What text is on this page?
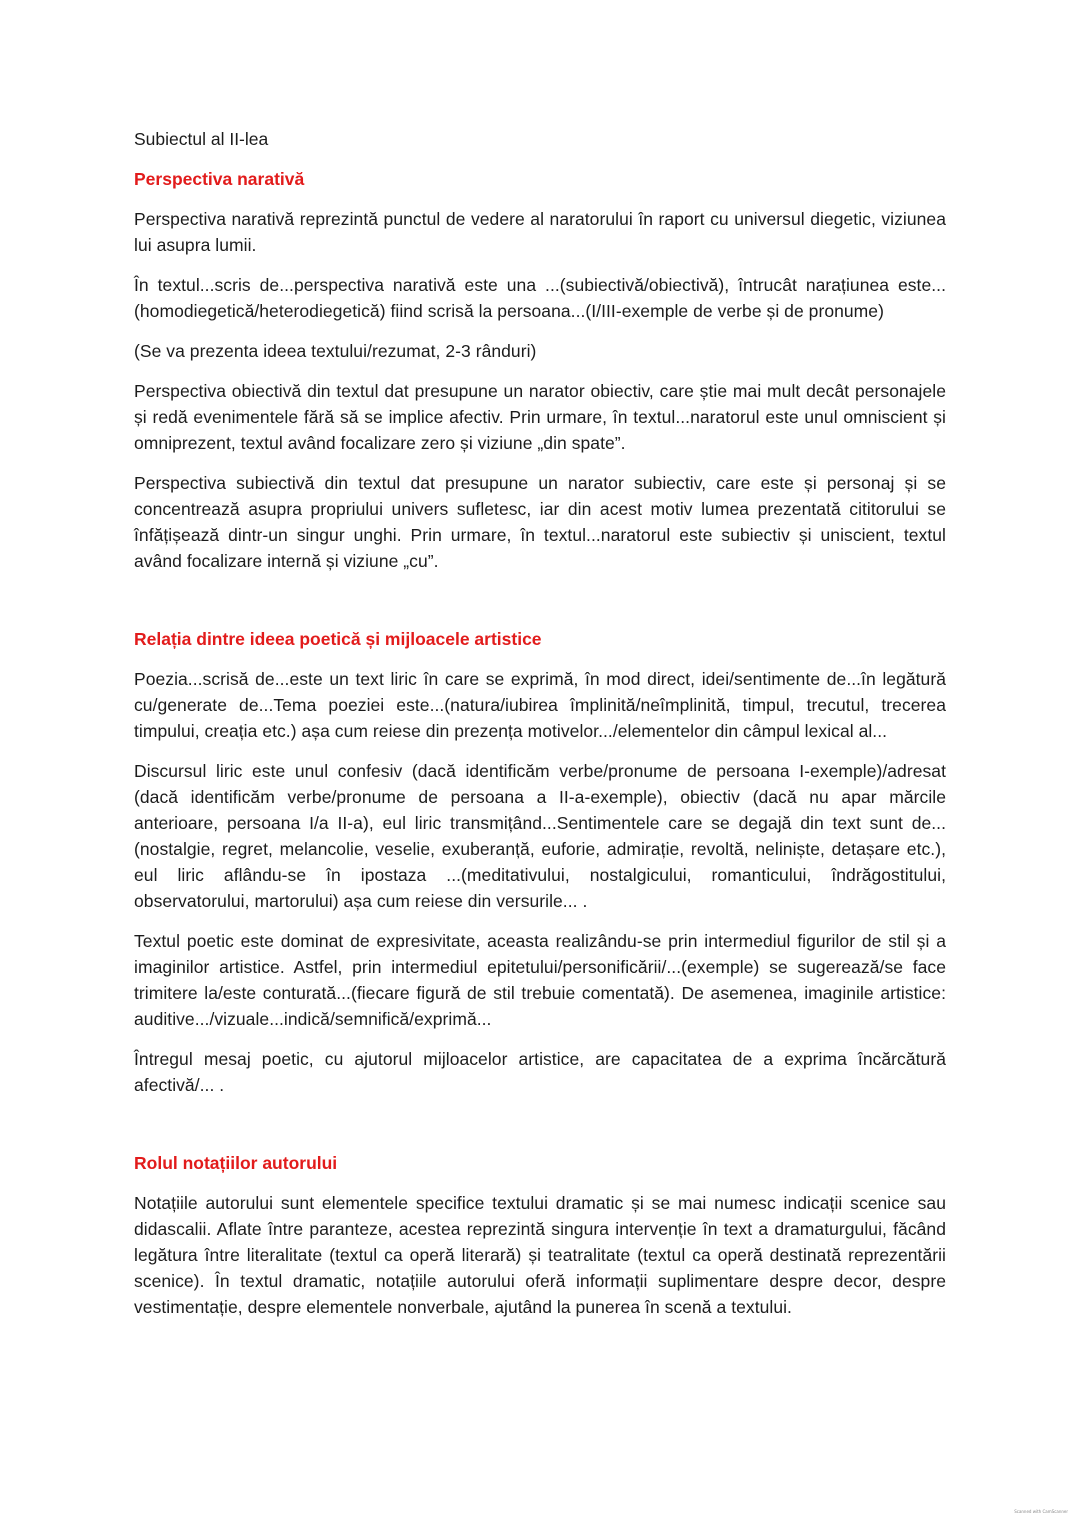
Subiectul al II-lea
Perspectiva narativă

Perspectiva narativă reprezintă punctul de vedere al naratorului în raport cu universul diegetic, viziunea lui asupra lumii.

În textul...scris de...perspectiva narativă este una ...(subiectivă/obiectivă), întrucât narațiunea este...(homodiegetică/heterodiegetică) fiind scrisă la persoana...(I/III-exemple de verbe și de pronume)

(Se va prezenta ideea textului/rezumat, 2-3 rânduri)

Perspectiva obiectivă din textul dat presupune un narator obiectiv, care știe mai mult decât personajele și redă evenimentele fără să se implice afectiv. Prin urmare, în textul...naratorul este unul omniscient și omniprezent, textul având focalizare zero și viziune „din spate”.

Perspectiva subiectivă din textul dat presupune un narator subiectiv, care este și personaj și se concentrează asupra propriului univers sufletesc, iar din acest motiv lumea prezentată cititorului se înfățișează dintr-un singur unghi. Prin urmare, în textul...naratorul este subiectiv și uniscient, textul având focalizare internă și viziune „cu”.

Relația dintre ideea poetică și mijloacele artistice

Poezia...scrisă de...este un text liric în care se exprimă, în mod direct, idei/sentimente de...în legătură cu/generate de...Tema poeziei este...(natura/iubirea împlinită/neîmplinită, timpul, trecutul, trecerea timpului, creația etc.) așa cum reiese din prezența motivelor.../elementelor din câmpul lexical al...

Discursul liric este unul confesiv (dacă identificăm verbe/pronume de persoana I-exemple)/adresat (dacă identificăm verbe/pronume de persoana a II-a-exemple), obiectiv (dacă nu apar mărcile anterioare, persoana I/a II-a), eul liric transmițând...Sentimentele care se degajă din text sunt de...(nostalgie, regret, melancolie, veselie, exuberanță, euforie, admirație, revoltă, neliniște, detașare etc.), eul liric aflându-se în ipostaza ...(meditativului, nostalgicului, romanticului, îndrăgostitului, observatorului, martorului) așa cum reiese din versurile... .

Textul poetic este dominat de expresivitate, aceasta realizându-se prin intermediul figurilor de stil și a imaginilor artistice. Astfel, prin intermediul epitetului/personificării/...(exemple) se sugerează/se face trimitere la/este conturată...(fiecare figură de stil trebuie comentată). De asemenea, imaginile artistice: auditive.../vizuale...indică/semnifică/exprimă...

Întregul mesaj poetic, cu ajutorul mijloacelor artistice, are capacitatea de a exprima încărcătură afectivă/... .

Rolul notațiilor autorului

Notațiile autorului sunt elementele specifice textului dramatic și se mai numesc indicații scenice sau didascalii. Aflate între paranteze, acestea reprezintă singura intervenție în text a dramaturgului, făcând legătura între literalitate (textul ca operă literară) și teatralitate (textul ca operă destinată reprezentării scenice). În textul dramatic, notațiile autorului oferă informații suplimentare despre decor, despre vestimentație, despre elementele nonverbale, ajutând la punerea în scenă a textului.

Scanned with CamScanner
